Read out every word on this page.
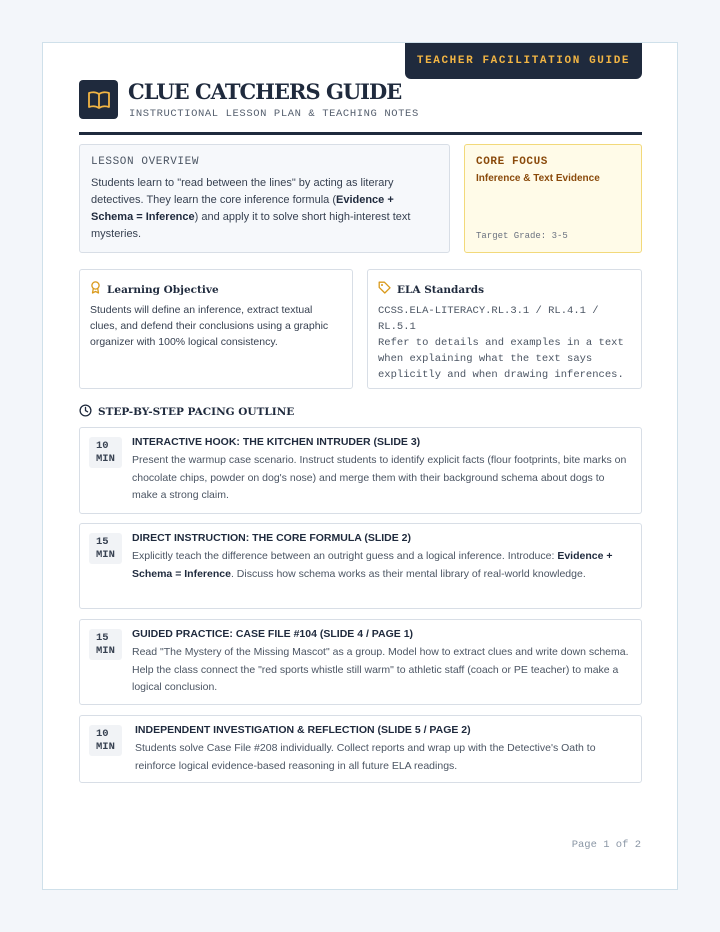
TEACHER FACILITATION GUIDE
CLUE CATCHERS GUIDE
INSTRUCTIONAL LESSON PLAN & TEACHING NOTES
LESSON OVERVIEW
Students learn to "read between the lines" by acting as literary detectives. They learn the core inference formula (Evidence + Schema = Inference) and apply it to solve short high-interest text mysteries.
CORE FOCUS
Inference & Text Evidence
Target Grade: 3-5
Learning Objective
Students will define an inference, extract textual clues, and defend their conclusions using a graphic organizer with 100% logical consistency.
ELA Standards
CCSS.ELA-LITERACY.RL.3.1 / RL.4.1 / RL.5.1
Refer to details and examples in a text when explaining what the text says explicitly and when drawing inferences.
STEP-BY-STEP PACING OUTLINE
10
MIN
INTERACTIVE HOOK: THE KITCHEN INTRUDER (SLIDE 3)
Present the warmup case scenario. Instruct students to identify explicit facts (flour footprints, bite marks on chocolate chips, powder on dog's nose) and merge them with their background schema about dogs to make a strong claim.
15
MIN
DIRECT INSTRUCTION: THE CORE FORMULA (SLIDE 2)
Explicitly teach the difference between an outright guess and a logical inference. Introduce: Evidence + Schema = Inference. Discuss how schema works as their mental library of real-world knowledge.
15
MIN
GUIDED PRACTICE: CASE FILE #104 (SLIDE 4 / PAGE 1)
Read "The Mystery of the Missing Mascot" as a group. Model how to extract clues and write down schema. Help the class connect the "red sports whistle still warm" to athletic staff (coach or PE teacher) to make a logical conclusion.
10
MIN
INDEPENDENT INVESTIGATION & REFLECTION (SLIDE 5 / PAGE 2)
Students solve Case File #208 individually. Collect reports and wrap up with the Detective's Oath to reinforce logical evidence-based reasoning in all future ELA readings.
Page 1 of 2
